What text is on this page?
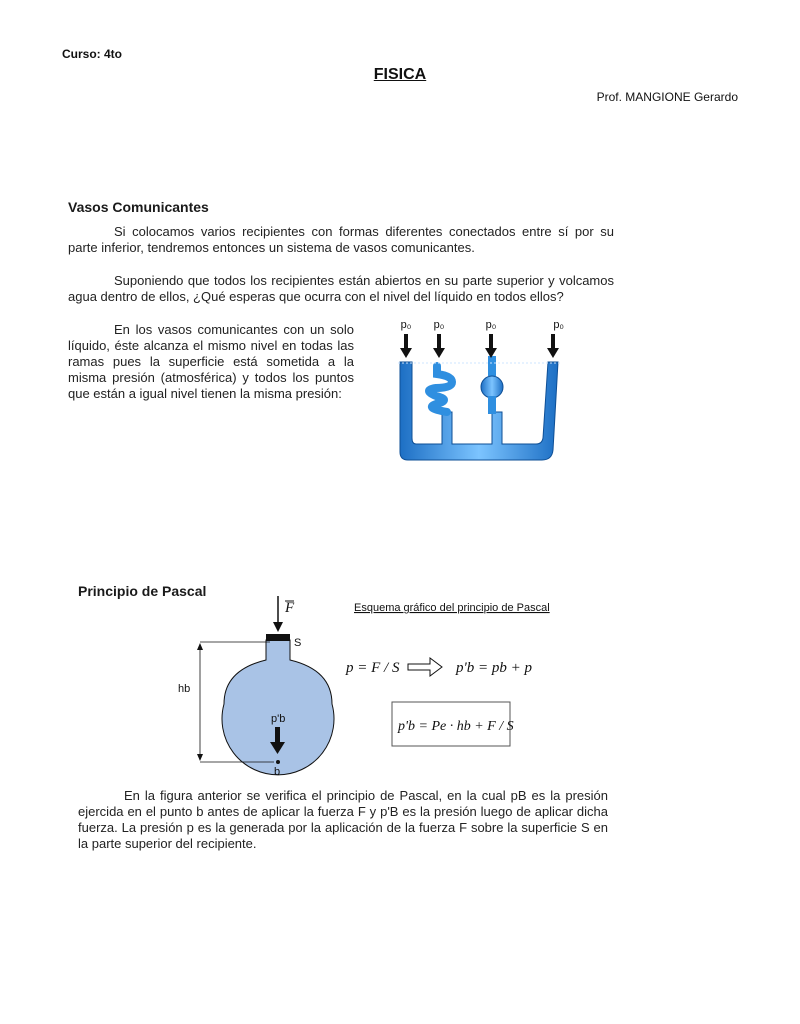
Curso: 4to
FISICA
Prof. MANGIONE Gerardo
Vasos Comunicantes

Si colocamos varios recipientes con formas diferentes conectados entre sí por su parte inferior, tendremos entonces un sistema de vasos comunicantes.

Suponiendo que todos los recipientes están abiertos en su parte superior y volcamos agua dentro de ellos, ¿Qué esperas que ocurra con el nivel del líquido en todos ellos?

En los vasos comunicantes con un solo líquido, éste alcanza el mismo nivel en todas las ramas pues la superficie está sometida a la misma presión (atmosférica) y todos los puntos que están a igual nivel tienen la misma presión:

p₀ p₀	p₀	p₀
Principio de Pascal
F
S
hb
p'b
b
Esquema gráfico del principio de Pascal
p = F / S	p'b = pb + p
p'b = Pe · hb + F / S

En la figura anterior se verifica el principio de Pascal, en la cual pB es la presión ejercida en el punto b antes de aplicar la fuerza F y p'B es la presión luego de aplicar dicha fuerza. La presión p es la generada por la aplicación de la fuerza F sobre la superficie S en la parte superior del recipiente.
